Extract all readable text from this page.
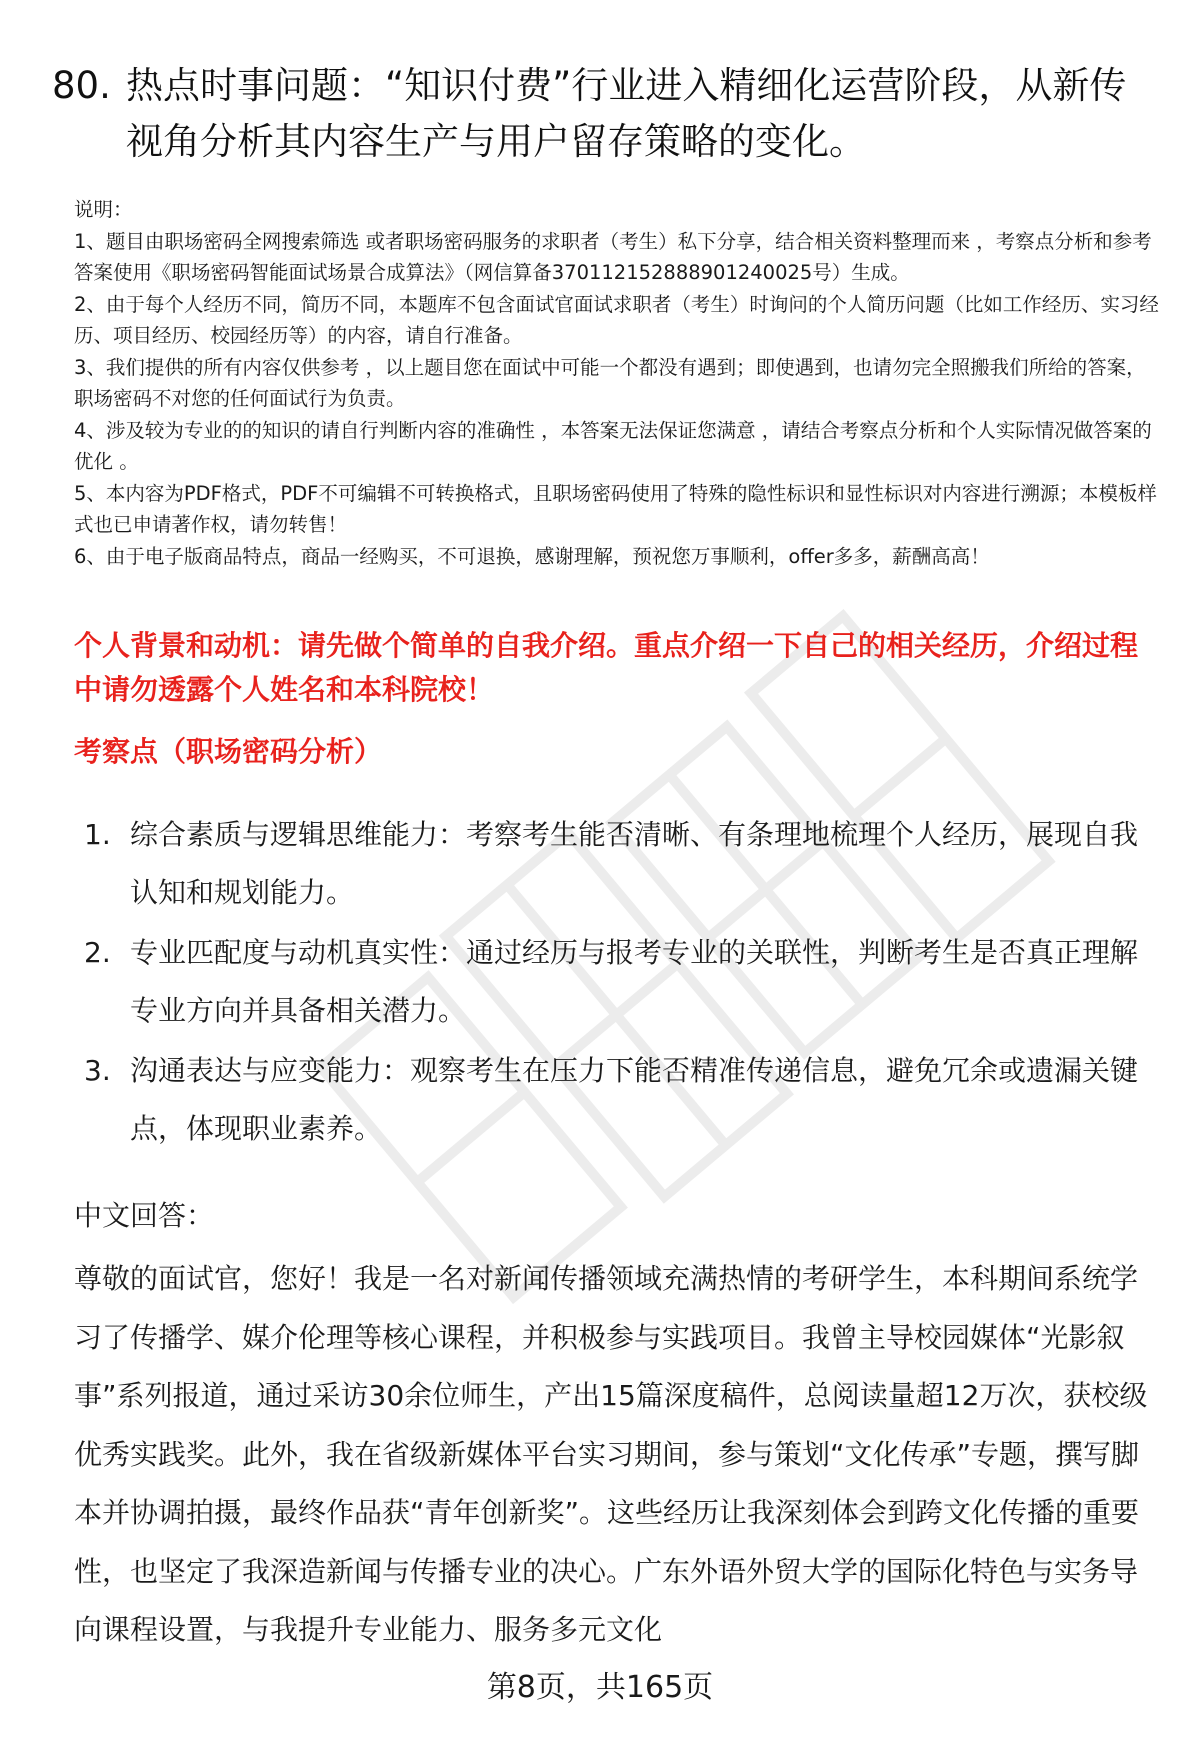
80. 热点时事问题：“知识付费”行业进入精细化运营阶段，从新传视角分析其内容生产与用户留存策略的变化。

说明：

1、题目由职场密码全网搜索筛选 或者职场密码服务的求职者（考生）私下分享，结合相关资料整理而来 ，考察点分析和参考答案使用《职场密码智能面试场景合成算法》（网信算备370112152888901240025号）生成。

2、由于每个人经历不同，简历不同，本题库不包含面试官面试求职者（考生）时询问的个人简历问题（比如工作经历、实习经历、项目经历、校园经历等）的内容，请自行准备。

3、我们提供的所有内容仅供参考 ，以上题目您在面试中可能一个都没有遇到；即使遇到，也请勿完全照搬我们所给的答案，职场密码不对您的任何面试行为负责。

4、涉及较为专业的的知识的请自行判断内容的准确性 ，本答案无法保证您满意 ，请结合考察点分析和个人实际情况做答案的优化 。

5、本内容为PDF格式，PDF不可编辑不可转换格式，且职场密码使用了特殊的隐性标识和显性标识对内容进行溯源；本模板样式也已申请著作权，请勿转售！

6、由于电子版商品特点，商品一经购买，不可退换，感谢理解，预祝您万事顺利，offer多多，薪酬高高！

个人背景和动机：请先做个简单的自我介绍。重点介绍一下自己的相关经历，介绍过程中请勿透露个人姓名和本科院校！
考察点（职场密码分析）
1. 综合素质与逻辑思维能力：考察考生能否清晰、有条理地梳理个人经历，展现自我认知和规划能力。
2. 专业匹配度与动机真实性：通过经历与报考专业的关联性，判断考生是否真正理解专业方向并具备相关潜力。
3. 沟通表达与应变能力：观察考生在压力下能否精准传递信息，避免冗余或遗漏关键点，体现职业素养。
中文回答：

尊敬的面试官，您好！我是一名对新闻传播领域充满热情的考研学生，本科期间系统学习了传播学、媒介伦理等核心课程，并积极参与实践项目。我曾主导校园媒体“光影叙事”系列报道，通过采访30余位师生，产出15篇深度稿件，总阅读量超12万次，获校级优秀实践奖。此外，我在省级新媒体平台实习期间，参与策划“文化传承”专题，撰写脚本并协调拍摄，最终作品获“青年创新奖”。这些经历让我深刻体会到跨文化传播的重要性，也坚定了我深造新闻与传播专业的决心。广东外语外贸大学的国际化特色与实务导向课程设置，与我提升专业能力、服务多元文化

第8页，共165页
